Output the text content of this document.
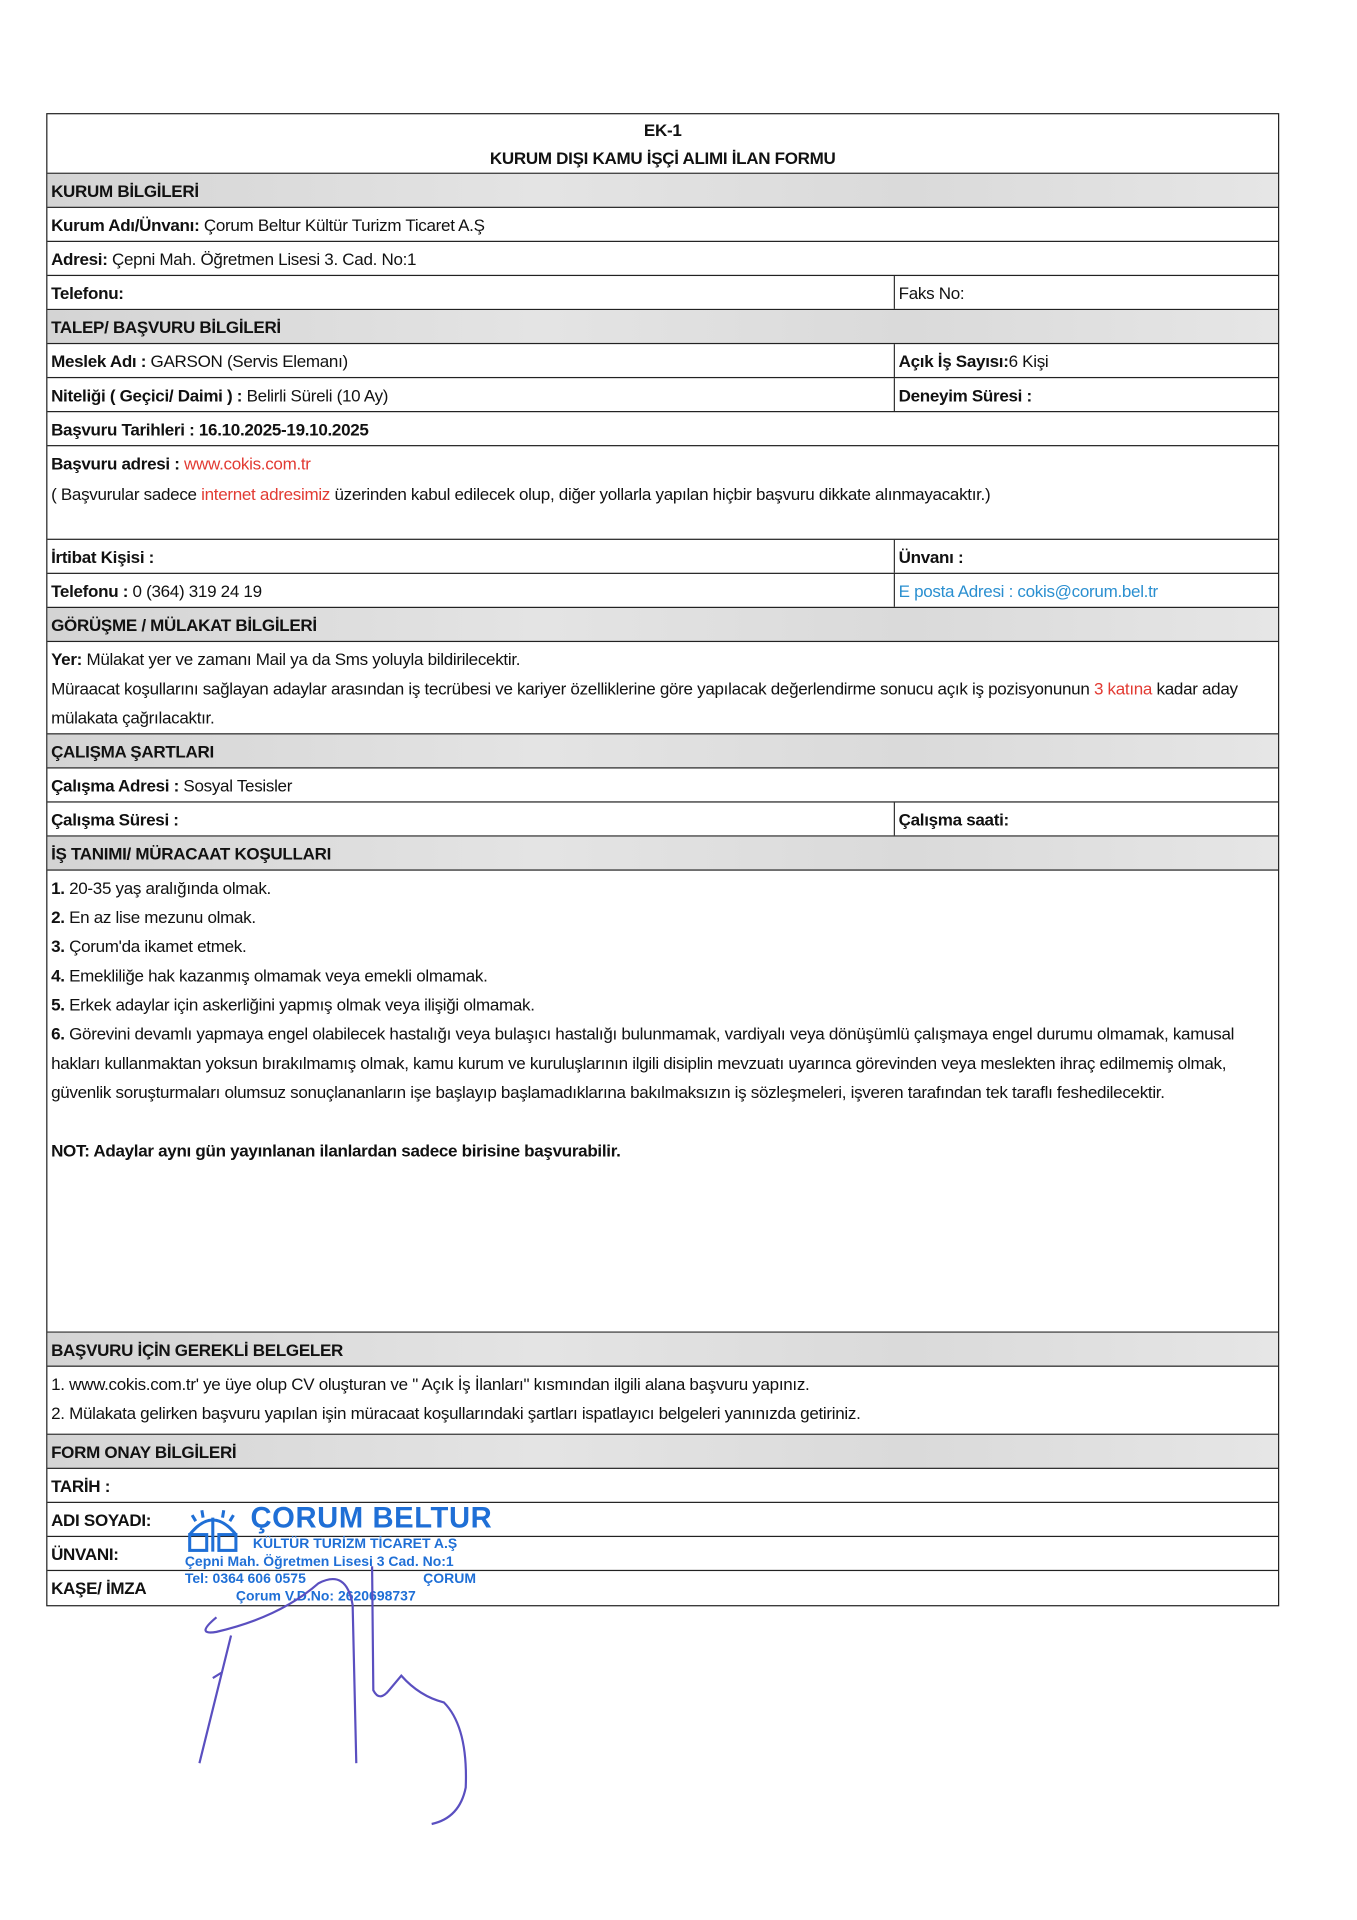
EK-1
KURUM DIŞI KAMU İŞÇİ ALIMI İLAN FORMU
KURUM BİLGİLERİ
Kurum Adı/Ünvanı: Çorum Beltur Kültür Turizm Ticaret A.Ş
Adresi: Çepni Mah. Öğretmen Lisesi 3. Cad. No:1
Telefonu:	Faks No:
TALEP/ BAŞVURU BİLGİLERİ
Meslek Adı : GARSON (Servis Elemanı)	Açık İş Sayısı:6 Kişi
Niteliği ( Geçici/ Daimi ) : Belirli Süreli (10 Ay)	Deneyim Süresi :
Başvuru Tarihleri : 16.10.2025-19.10.2025
Başvuru adresi : www.cokis.com.tr
( Başvurular sadece internet adresimiz üzerinden kabul edilecek olup, diğer yollarla yapılan hiçbir başvuru dikkate alınmayacaktır.)
İrtibat Kişisi :	Ünvanı :
Telefonu : 0 (364) 319 24 19	E posta Adresi : cokis@corum.bel.tr
GÖRÜŞME / MÜLAKAT BİLGİLERİ
Yer: Mülakat yer ve zamanı Mail ya da Sms yoluyla bildirilecektir.
Müraacat koşullarını sağlayan adaylar arasından iş tecrübesi ve kariyer özelliklerine göre yapılacak değerlendirme sonucu açık iş pozisyonunun 3 katına kadar aday mülakata çağrılacaktır.
ÇALIŞMA ŞARTLARI
Çalışma Adresi : Sosyal Tesisler
Çalışma Süresi :	Çalışma saati:
İŞ TANIMI/ MÜRACAAT KOŞULLARI
1. 20-35 yaş aralığında olmak.
2. En az lise mezunu olmak.
3. Çorum'da ikamet etmek.
4. Emekliliğe hak kazanmış olmamak veya emekli olmamak.
5. Erkek adaylar için askerliğini yapmış olmak veya ilişiği olmamak.
6. Görevini devamlı yapmaya engel olabilecek hastalığı veya bulaşıcı hastalığı bulunmamak, vardiyalı veya dönüşümlü çalışmaya engel durumu olmamak, kamusal hakları kullanmaktan yoksun bırakılmamış olmak, kamu kurum ve kuruluşlarının ilgili disiplin mevzuatı uyarınca görevinden veya meslekten ihraç edilmemiş olmak, güvenlik soruşturmaları olumsuz sonuçlananların işe başlayıp başlamadıklarına bakılmaksızın iş sözleşmeleri, işveren tarafından tek taraflı feshedilecektir.
NOT: Adaylar aynı gün yayınlanan ilanlardan sadece birisine başvurabilir.
BAŞVURU İÇİN GEREKLİ BELGELER
1. www.cokis.com.tr' ye üye olup CV oluşturan ve " Açık İş İlanları" kısmından ilgili alana başvuru yapınız.
2. Mülakata gelirken başvuru yapılan işin müracaat koşullarındaki şartları ispatlayıcı belgeleri yanınızda getiriniz.
FORM ONAY BİLGİLERİ
TARİH :
ADI SOYADI:
ÜNVANI:
KAŞE/ İMZA
ÇORUM BELTUR
KÜLTÜR TURİZM TİCARET A.Ş
Çepni Mah. Öğretmen Lisesi 3 Cad. No:1
Tel: 0364 606 0575	ÇORUM
Çorum V.D.No: 2620698737
